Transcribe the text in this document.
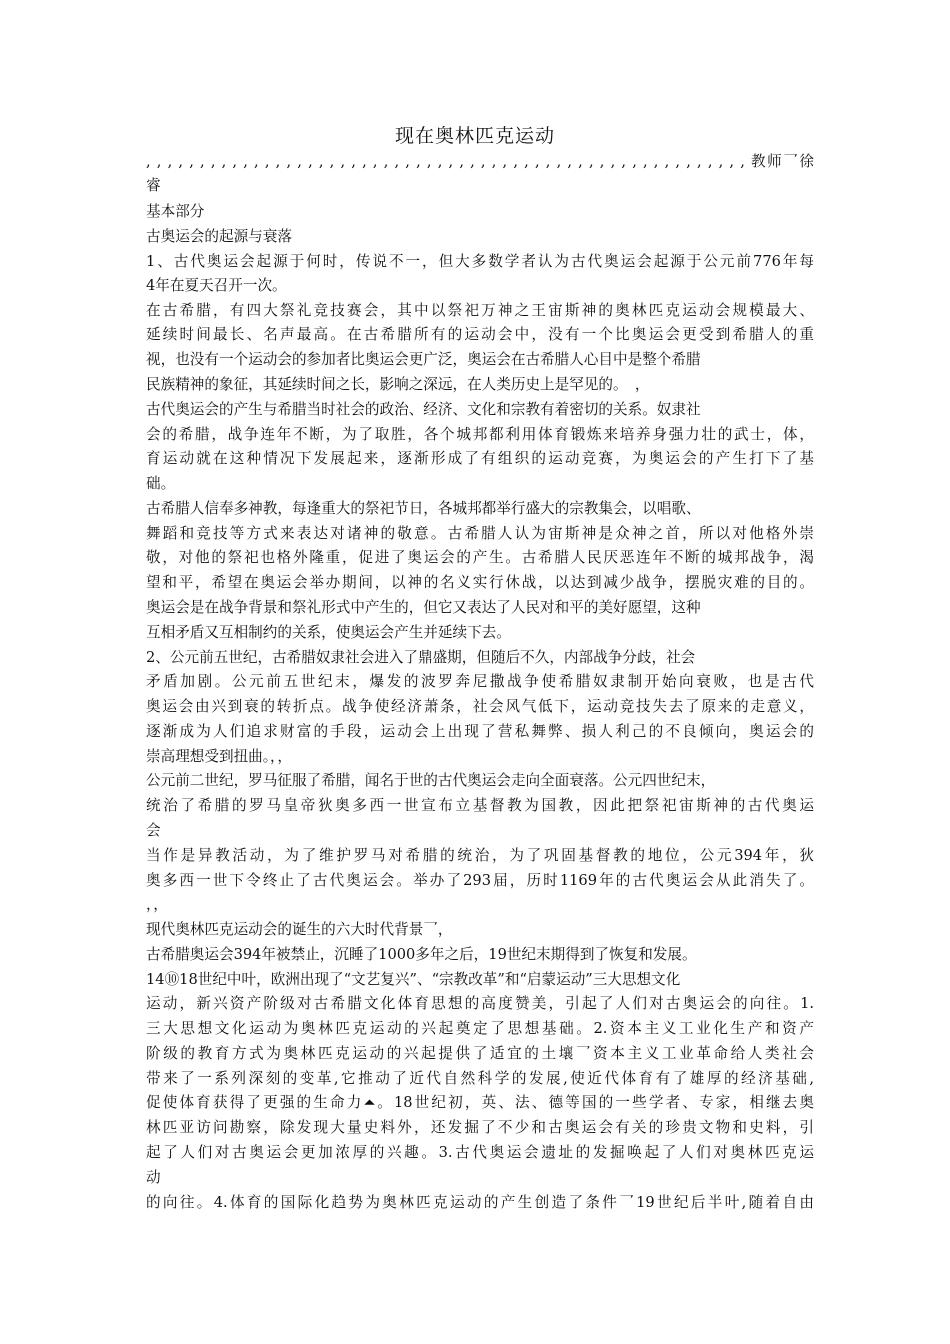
现在奥林匹克运动
, , , , , , , , , , , , , , , , , , , , , , , , , , , , , , , , , , , , , , , , , , , , , , , , , , , , , , , , 教师乛徐
睿
基本部分
古奥运会的起源与衰落
1、古代奥运会起源于何时，传说不一，但大多数学者认为古代奥运会起源于公元前776年每
4年在夏天召开一次。
在古希腊，有四大祭礼竞技赛会，其中以祭祀万神之王宙斯神的奥林匹克运动会规模最大、
延续时间最长、名声最高。在古希腊所有的运动会中，没有一个比奥运会更受到希腊人的重
视，也没有一个运动会的参加者比奥运会更广泛，奥运会在古希腊人心目中是整个希腊
民族精神的象征，其延续时间之长，影响之深远，在人类历史上是罕见的。　，
古代奥运会的产生与希腊当时社会的政治、经济、文化和宗教有着密切的关系。奴隶社
会的希腊，战争连年不断，为了取胜，各个城邦都利用体育锻炼来培养身强力壮的武士，体，
育运动就在这种情况下发展起来，逐渐形成了有组织的运动竞赛，为奥运会的产生打下了基
础。
古希腊人信奉多神教，每逢重大的祭祀节日，各城邦都举行盛大的宗教集会，以唱歌、
舞蹈和竞技等方式来表达对诸神的敬意。古希腊人认为宙斯神是众神之首，所以对他格外崇
敬，对他的祭祀也格外隆重，促进了奥运会的产生。古希腊人民厌恶连年不断的城邦战争，渴
望和平，希望在奥运会举办期间，以神的名义实行休战，以达到减少战争，摆脱灾难的目的。
奥运会是在战争背景和祭礼形式中产生的，但它又表达了人民对和平的美好愿望，这种
互相矛盾又互相制约的关系，使奥运会产生并延续下去。
2、公元前五世纪，古希腊奴隶社会进入了鼎盛期，但随后不久，内部战争分歧，社会
矛盾加剧。公元前五世纪末，爆发的波罗奔尼撒战争使希腊奴隶制开始向衰败，也是古代
奥运会由兴到衰的转折点。战争使经济萧条，社会风气低下，运动竞技失去了原来的走意义，
逐渐成为人们追求财富的手段，运动会上出现了营私舞弊、损人利己的不良倾向，奥运会的
崇高理想受到扭曲。，，
公元前二世纪，罗马征服了希腊，闻名于世的古代奥运会走向全面衰落。公元四世纪末，
统治了希腊的罗马皇帝狄奥多西一世宣布立基督教为国教，因此把祭祀宙斯神的古代奥运
会
当作是异教活动，为了维护罗马对希腊的统治，为了巩固基督教的地位，公元394年，狄
奥多西一世下令终止了古代奥运会。举办了293届，历时1169年的古代奥运会从此消失了。
，，
现代奥林匹克运动会的诞生的六大时代背景乛，
古希腊奥运会394年被禁止，沉睡了1000多年之后，19世纪末期得到了恢复和发展。
14⑩18世纪中叶，欧洲出现了“文艺复兴”、“宗教改革”和“启蒙运动”三大思想文化
运动，新兴资产阶级对古希腊文化体育思想的高度赞美，引起了人们对古奥运会的向往。1.
三大思想文化运动为奥林匹克运动的兴起奠定了思想基础。2.资本主义工业化生产和资产
阶级的教育方式为奥林匹克运动的兴起提供了适宜的土壤乛资本主义工业革命给人类社会
带来了一系列深刻的变革,它推动了近代自然科学的发展,使近代体育有了雄厚的经济基础,
促使体育获得了更强的生命力⏶。18世纪初，英、法、德等国的一些学者、专家，相继去奥
林匹亚访问勘察，除发现大量史料外，还发掘了不少和古奥运会有关的珍贵文物和史料，引
起了人们对古奥运会更加浓厚的兴趣。3.古代奥运会遗址的发掘唤起了人们对奥林匹克运
动
的向往。4.体育的国际化趋势为奥林匹克运动的产生创造了条件乛19世纪后半叶,随着自由
